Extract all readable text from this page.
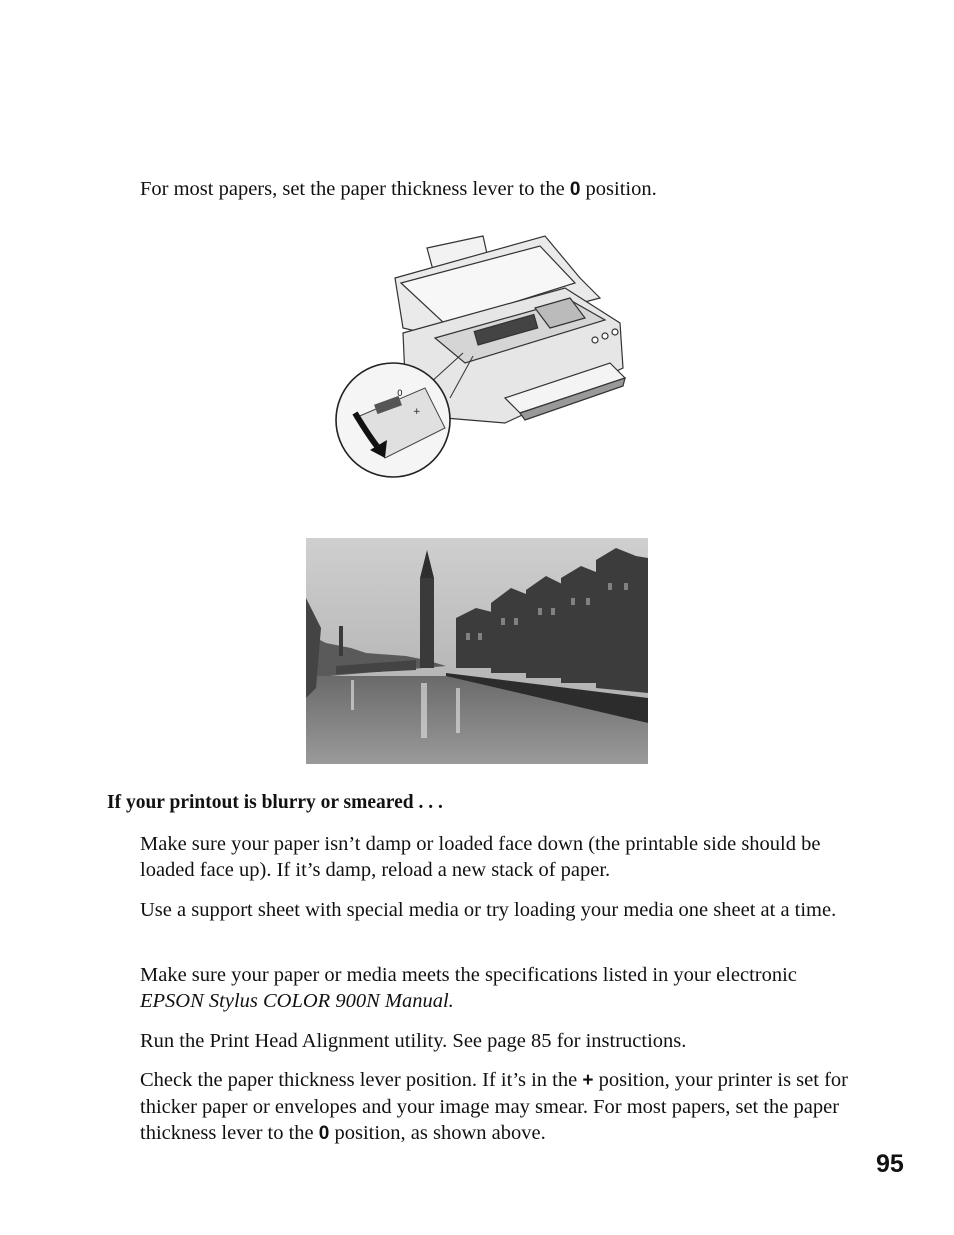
For most papers, set the paper thickness lever to the 0 position.

0
+
If your printout is blurry or smeared . . .

Make sure your paper isn’t damp or loaded face down (the printable side should be loaded face up). If it’s damp, reload a new stack of paper.

Use a support sheet with special media or try loading your media one sheet at a time.

Make sure your paper or media meets the specifications listed in your electronic EPSON Stylus COLOR 900N Manual.

Run the Print Head Alignment utility. See page 85 for instructions.

Check the paper thickness lever position. If it’s in the + position, your printer is set for thicker paper or envelopes and your image may smear. For most papers, set the paper thickness lever to the 0 position, as shown above.

95
